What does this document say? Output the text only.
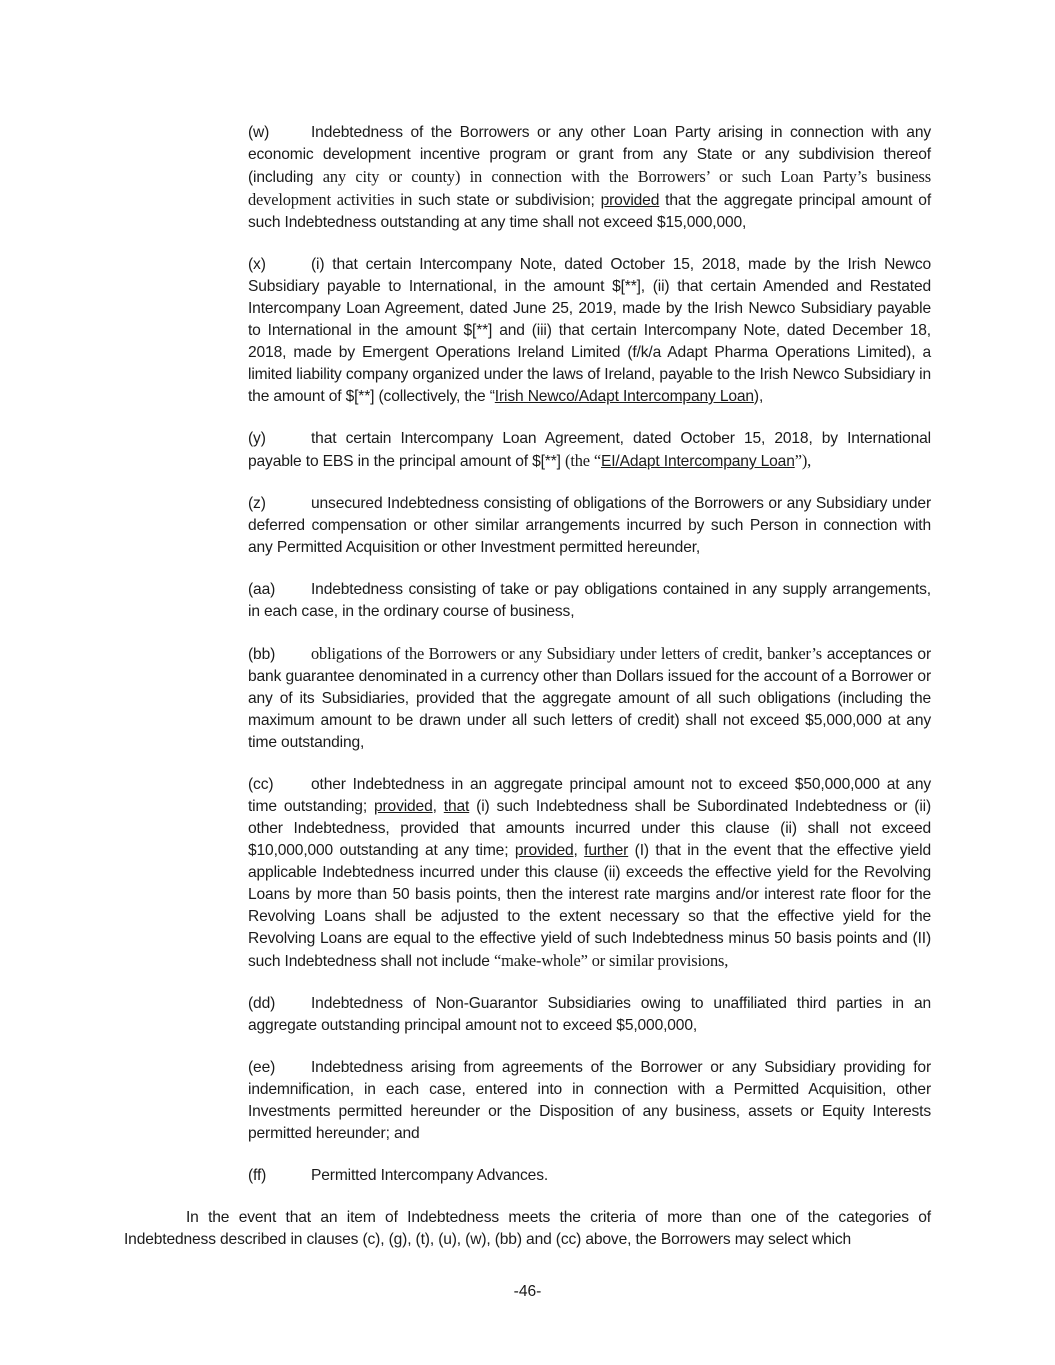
(w)	Indebtedness of the Borrowers or any other Loan Party arising in connection with any economic development incentive program or grant from any State or any subdivision thereof (including any city or county) in connection with the Borrowers’ or such Loan Party’s business development activities in such state or subdivision; provided that the aggregate principal amount of such Indebtedness outstanding at any time shall not exceed $15,000,000,

(x)	(i) that certain Intercompany Note, dated October 15, 2018, made by the Irish Newco Subsidiary payable to International, in the amount $[**], (ii) that certain Amended and Restated Intercompany Loan Agreement, dated June 25, 2019, made by the Irish Newco Subsidiary payable to International in the amount $[**] and (iii) that certain Intercompany Note, dated December 18, 2018, made by Emergent Operations Ireland Limited (f/k/a Adapt Pharma Operations Limited), a limited liability company organized under the laws of Ireland, payable to the Irish Newco Subsidiary in the amount of $[**] (collectively, the “Irish Newco/Adapt Intercompany Loan),

(y)	that certain Intercompany Loan Agreement, dated October 15, 2018, by International payable to EBS in the principal amount of $[**] (the “EI/Adapt Intercompany Loan”),

(z)	unsecured Indebtedness consisting of obligations of the Borrowers or any Subsidiary under deferred compensation or other similar arrangements incurred by such Person in connection with any Permitted Acquisition or other Investment permitted hereunder,

(aa) Indebtedness consisting of take or pay obligations contained in any supply arrangements, in each case, in the ordinary course of business,

(bb) obligations of the Borrowers or any Subsidiary under letters of credit, banker’s acceptances or bank guarantee denominated in a currency other than Dollars issued for the account of a Borrower or any of its Subsidiaries, provided that the aggregate amount of all such obligations (including the maximum amount to be drawn under all such letters of credit) shall not exceed $5,000,000 at any time outstanding,

(cc) other Indebtedness in an aggregate principal amount not to exceed $50,000,000 at any time outstanding; provided, that (i) such Indebtedness shall be Subordinated Indebtedness or (ii) other Indebtedness, provided that amounts incurred under this clause (ii) shall not exceed $10,000,000 outstanding at any time; provided, further (I) that in the event that the effective yield applicable Indebtedness incurred under this clause (ii) exceeds the effective yield for the Revolving Loans by more than 50 basis points, then the interest rate margins and/or interest rate floor for the Revolving Loans shall be adjusted to the extent necessary so that the effective yield for the Revolving Loans are equal to the effective yield of such Indebtedness minus 50 basis points and (II) such Indebtedness shall not include “make-whole” or similar provisions,

(dd) Indebtedness of Non-Guarantor Subsidiaries owing to unaffiliated third parties in an aggregate outstanding principal amount not to exceed $5,000,000,

(ee) Indebtedness arising from agreements of the Borrower or any Subsidiary providing for indemnification, in each case, entered into in connection with a Permitted Acquisition, other Investments permitted hereunder or the Disposition of any business, assets or Equity Interests permitted hereunder; and

(ff)	Permitted Intercompany Advances.

In the event that an item of Indebtedness meets the criteria of more than one of the categories of Indebtedness described in clauses (c), (g), (t), (u), (w), (bb) and (cc) above, the Borrowers may select which

-46-
